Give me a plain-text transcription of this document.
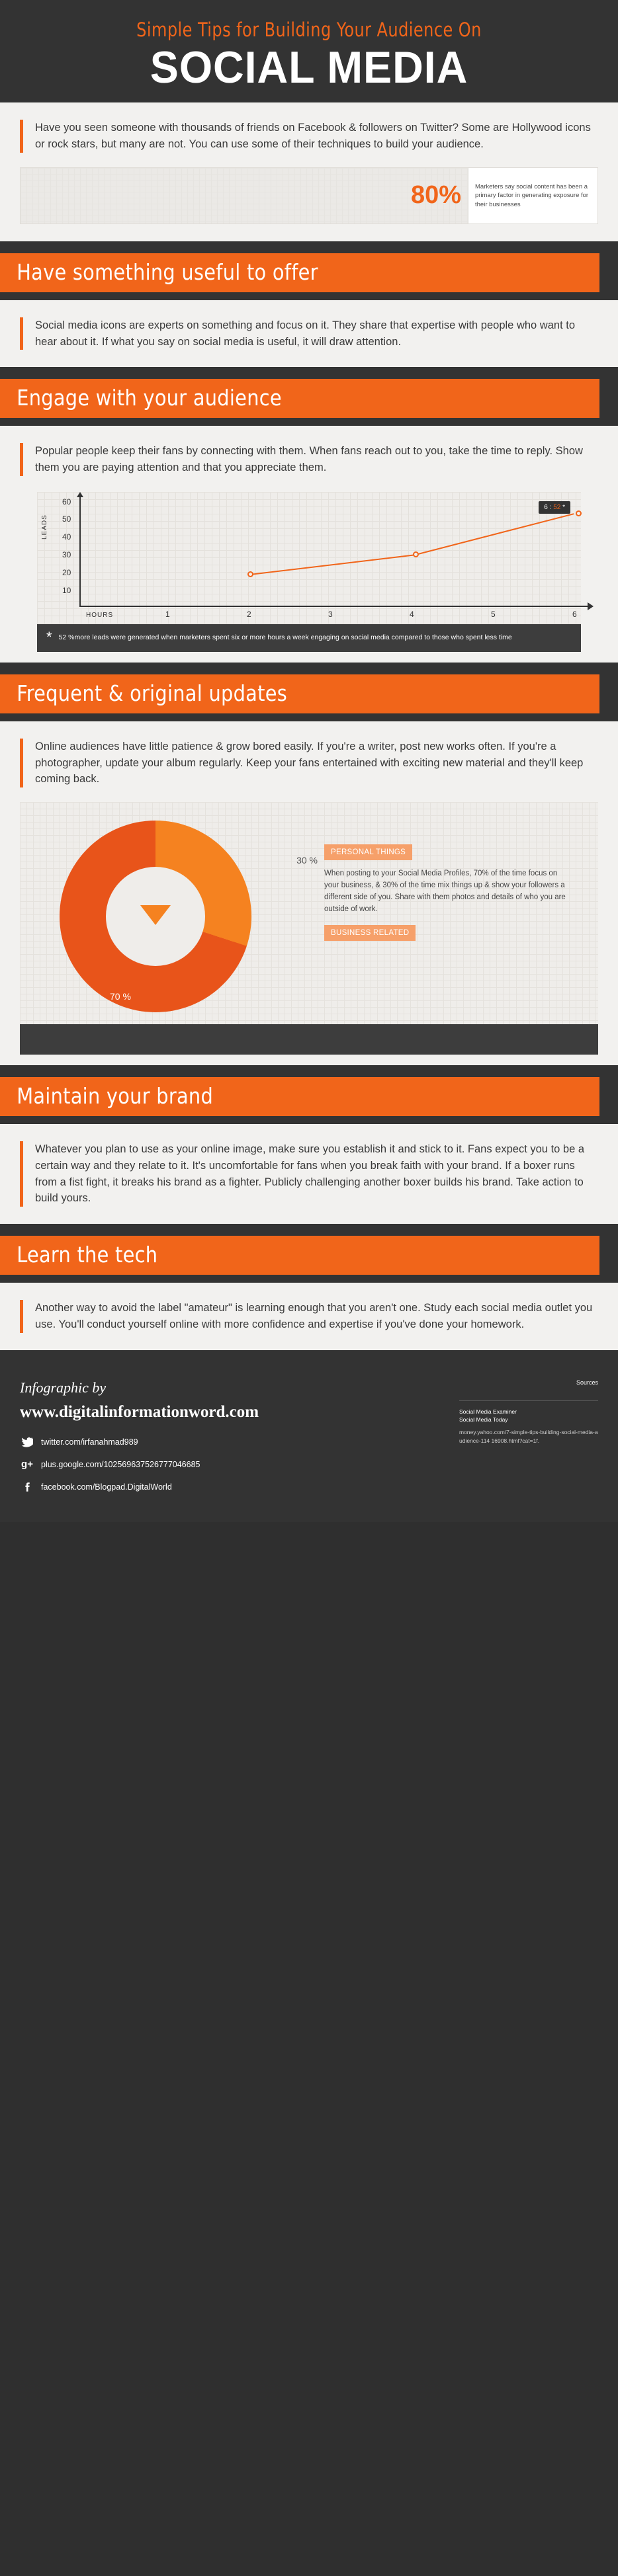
Simple Tips for Building Your Audience On
SOCIAL MEDIA
Have you seen someone with thousands of friends on Facebook & followers on Twitter? Some are Hollywood icons or rock stars, but many are not. You can use some of their techniques to build your audience.
80%	Marketers say social content has been a primary factor in generating exposure for their businesses
Have something useful to offer
Social media icons are experts on something and focus on it. They share that expertise with people who want to hear about it. If what you say on social media is useful, it will draw attention.
Engage with your audience
Popular people keep their fans by connecting with them. When fans reach out to you, take the time to reply. Show them you are paying attention and that you appreciate them.
LEADS
60
50
40
30
20
10
HOURS	1	2	3	4	5	6
6 : 52 *
* 52 %more leads were generated when marketers spent six or more hours a week engaging on social media compared to those who spent less time
Frequent & original updates
Online audiences have little patience & grow bored easily. If you're a writer, post new works often. If you're a photographer, update your album regularly. Keep your fans entertained with exciting new material and they'll keep coming back.
30 %
70 %
PERSONAL THINGS
When posting to your Social Media Profiles, 70% of the time focus on your business, & 30% of the time mix things up & show your followers a different side of you. Share with them photos and details of who you are outside of work.
BUSINESS RELATED
Maintain your brand
Whatever you plan to use as your online image, make sure you establish it and stick to it. Fans expect you to be a certain way and they relate to it. It's uncomfortable for fans when you break faith with your brand. If a boxer runs from a fist fight, it breaks his brand as a fighter. Publicly challenging another boxer builds his brand. Take action to build yours.
Learn the tech
Another way to avoid the label "amateur" is learning enough that you aren't one. Study each social media outlet you use. You'll conduct yourself online with more confidence and expertise if you've done your homework.
Infographic by
www.digitalinformationword.com
twitter.com/irfanahmad989
g+ plus.google.com/102569637526777046685
facebook.com/Blogpad.DigitalWorld
Sources
Social Media Examiner
Social Media Today
money.yahoo.com/7-simple-tips-building-social-media-audience-114 16908.html?cat=1f.
